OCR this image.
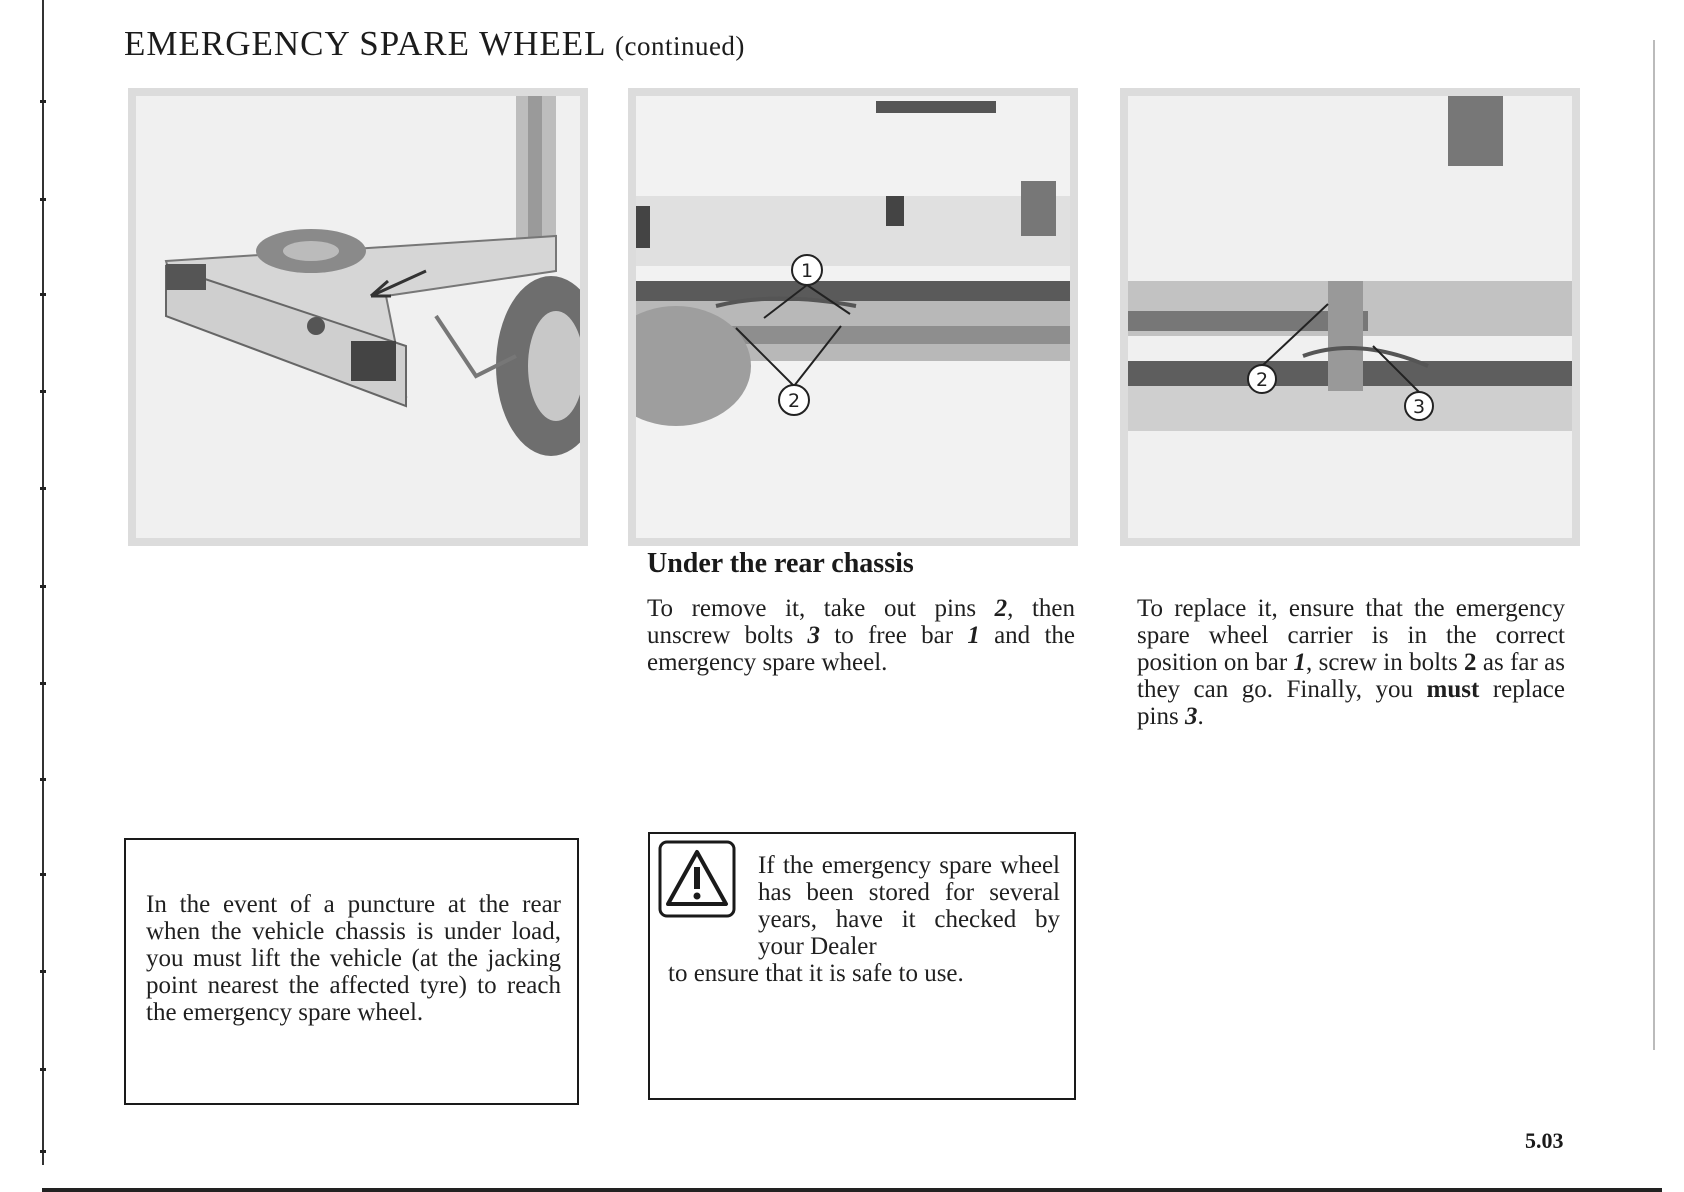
EMERGENCY SPARE WHEEL (continued)
1
2
2
3
Under the rear chassis

To remove it, take out pins 2, then unscrew bolts 3 to free bar 1 and the emergency spare wheel.

To replace it, ensure that the emergency spare wheel carrier is in the correct position on bar 1, screw in bolts 2 as far as they can go. Finally, you must replace pins 3.

In the event of a puncture at the rear when the vehicle chassis is under load, you must lift the vehicle (at the jacking point nearest the affected tyre) to reach the emergency spare wheel.

If the emergency spare wheel has been stored for several years, have it checked by your Dealer

to ensure that it is safe to use.

5.03
